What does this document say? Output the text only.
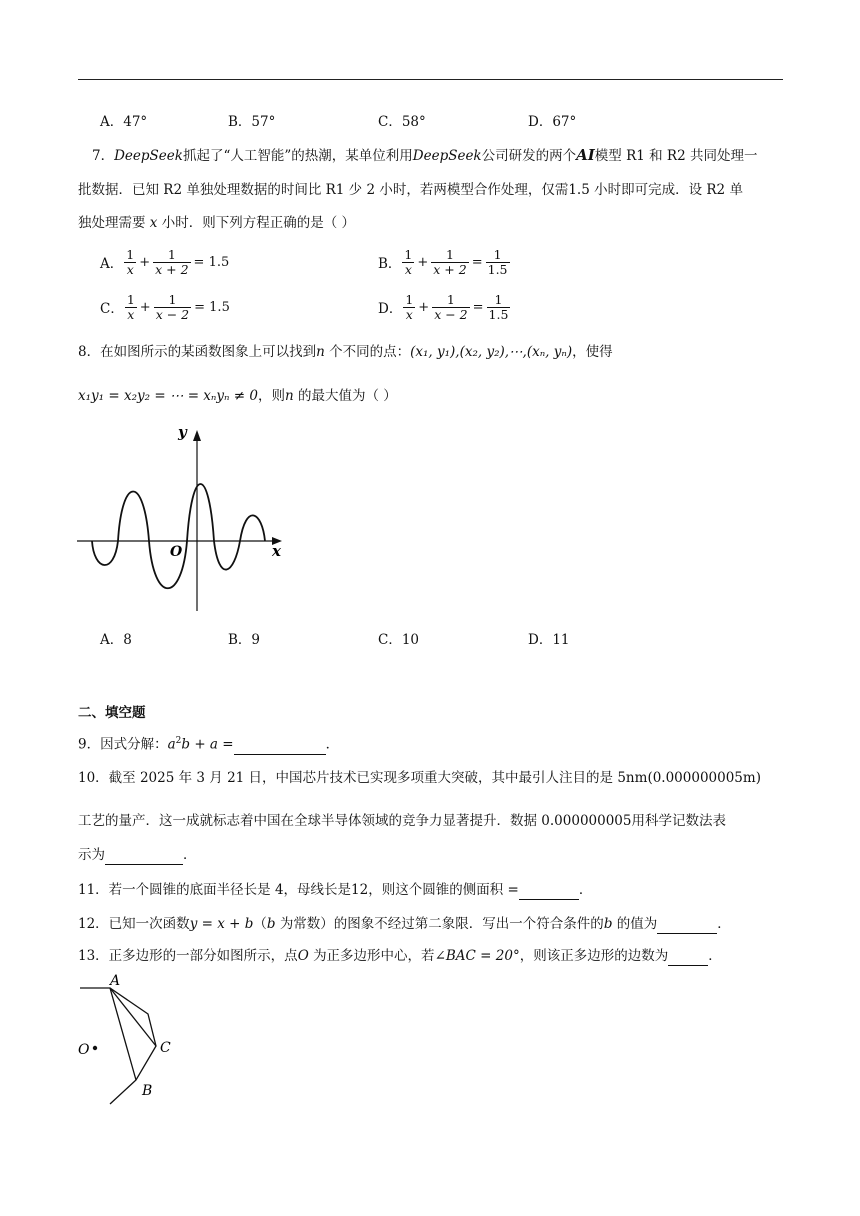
A．47°	B．57°	C．58°	D．67°
7．DeepSeek抓起了“人工智能”的热潮，某单位利用DeepSeek公司研发的两个AI模型 R1 和 R2 共同处理一
批数据．已知 R2 单独处理数据的时间比 R1 少 2 小时，若两模型合作处理，仅需1.5 小时即可完成．设 R2 单
独处理需要 x 小时．则下列方程正确的是（ ）
A． $\frac{1}{x} + \frac{1}{x + 2} = 1.5$	B． $\frac{1}{x} + \frac{1}{x + 2} = \frac{1}{1.5}$
C． $\frac{1}{x} + \frac{1}{x - 2} = 1.5$	D． $\frac{1}{x} + \frac{1}{x - 2} = \frac{1}{1.5}$
8．在如图所示的某函数图象上可以找到n 个不同的点：(x₁, y₁),(x₂, y₂),⋯,(xₙ, yₙ)，使得
x₁y₁ = x₂y₂ = ⋯ = xₙyₙ ≠ 0，则n 的最大值为（ ）
y
x
O
A．8	B．9	C．10	D．11
二、填空题
9．因式分解：$a^2b + a$ =	．
10．截至 2025 年 3 月 21 日，中国芯片技术已实现多项重大突破，其中最引人注目的是 5nm(0.000000005m)
工艺的量产．这一成就标志着中国在全球半导体领域的竞争力显著提升．数据 0.000000005用科学记数法表
示为	．
11．若一个圆锥的底面半径长是 4，母线长是12，则这个圆锥的侧面积 =	．
12．已知一次函数y = x + b（b 为常数）的图象不经过第二象限．写出一个符合条件的b 的值为	．
13．正多边形的一部分如图所示，点O 为正多边形中心，若∠BAC = 20°，则该正多边形的边数为	．
A
C
B
O
